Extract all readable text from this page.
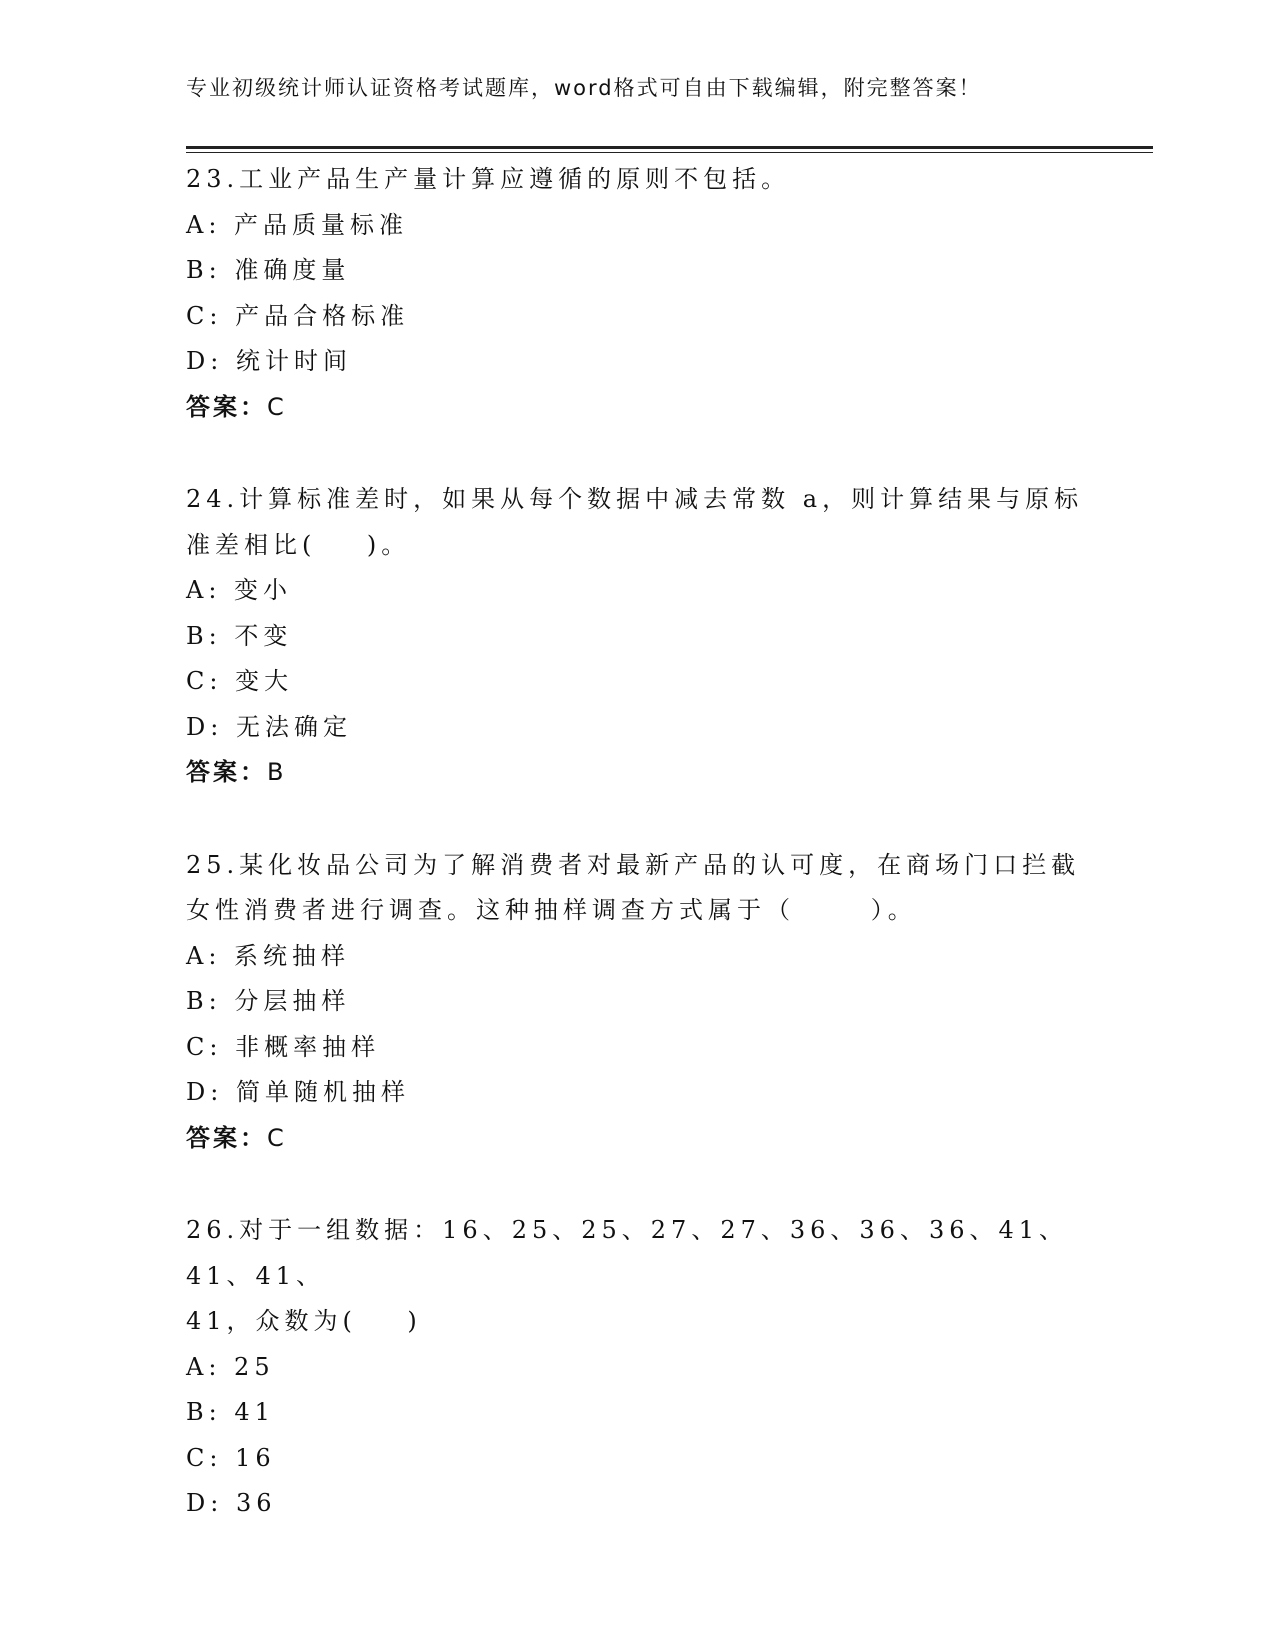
专业初级统计师认证资格考试题库，word格式可自由下载编辑，附完整答案！
23.工业产品生产量计算应遵循的原则不包括。
A: 产品质量标准
B: 准确度量
C: 产品合格标准
D: 统计时间
答案：C
24.计算标准差时，如果从每个数据中减去常数 a，则计算结果与原标
准差相比(    )。
A: 变小
B: 不变
C: 变大
D: 无法确定
答案：B
25.某化妆品公司为了解消费者对最新产品的认可度，在商场门口拦截
女性消费者进行调查。这种抽样调查方式属于（      ）。
A: 系统抽样
B: 分层抽样
C: 非概率抽样
D: 简单随机抽样
答案：C
26.对于一组数据：16、25、25、27、27、36、36、36、41、41、41、
41，众数为(    )
A: 25
B: 41
C: 16
D: 36
